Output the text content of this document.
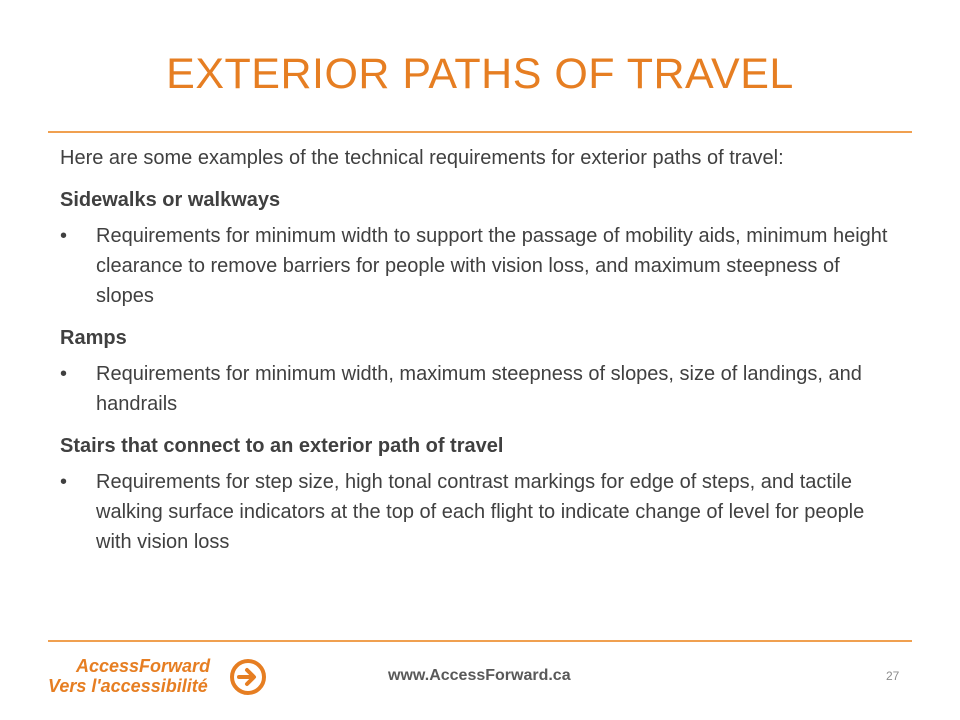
EXTERIOR PATHS OF TRAVEL

Here are some examples of the technical requirements for exterior paths of travel:

Sidewalks or walkways
•	Requirements for minimum width to support the passage of mobility aids, minimum height clearance to remove barriers for people with vision loss, and maximum steepness of slopes
Ramps
•	Requirements for minimum width, maximum steepness of slopes, size of landings, and handrails
Stairs that connect to an exterior path of travel
•	Requirements for step size, high tonal contrast markings for edge of steps, and tactile walking surface indicators at the top of each flight to indicate change of level for people with vision loss
AccessForward
Vers l'accessibilité
www.AccessForward.ca	27
